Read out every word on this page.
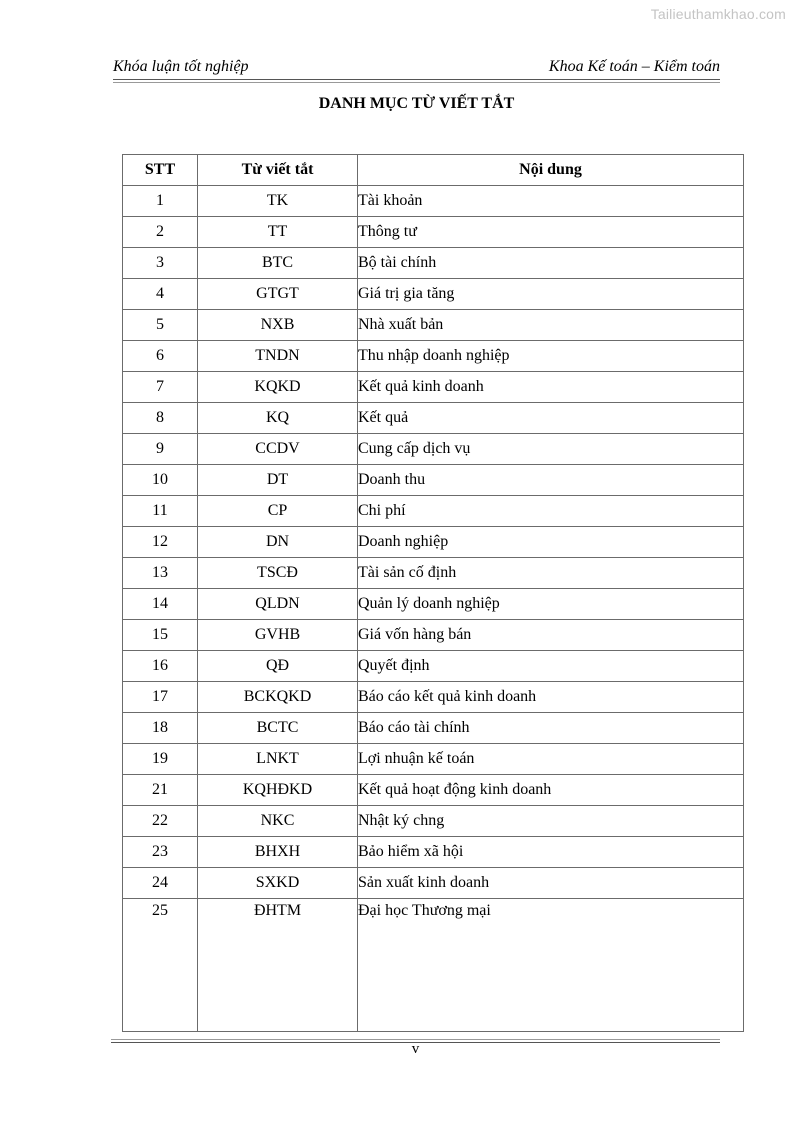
Tailieuthamkhao.com
Khóa luận tốt nghiệp	Khoa Kế toán – Kiểm toán
DANH MỤC TỪ VIẾT TẮT
STT	Từ viết tắt	Nội dung
1	TK	Tài khoản
2	TT	Thông tư
3	BTC	Bộ tài chính
4	GTGT	Giá trị gia tăng
5	NXB	Nhà xuất bản
6	TNDN	Thu nhập doanh nghiệp
7	KQKD	Kết quả kinh doanh
8	KQ	Kết quả
9	CCDV	Cung cấp dịch vụ
10	DT	Doanh thu
11	CP	Chi phí
12	DN	Doanh nghiệp
13	TSCĐ	Tài sản cố định
14	QLDN	Quản lý doanh nghiệp
15	GVHB	Giá vốn hàng bán
16	QĐ	Quyết định
17	BCKQKD	Báo cáo kết quả kinh doanh
18	BCTC	Báo cáo tài chính
19	LNKT	Lợi nhuận kế toán
21	KQHĐKD	Kết quả hoạt động kinh doanh
22	NKC	Nhật ký chng
23	BHXH	Bảo hiểm xã hội
24	SXKD	Sản xuất kinh doanh
25	ĐHTM	Đại học Thương mại
v
